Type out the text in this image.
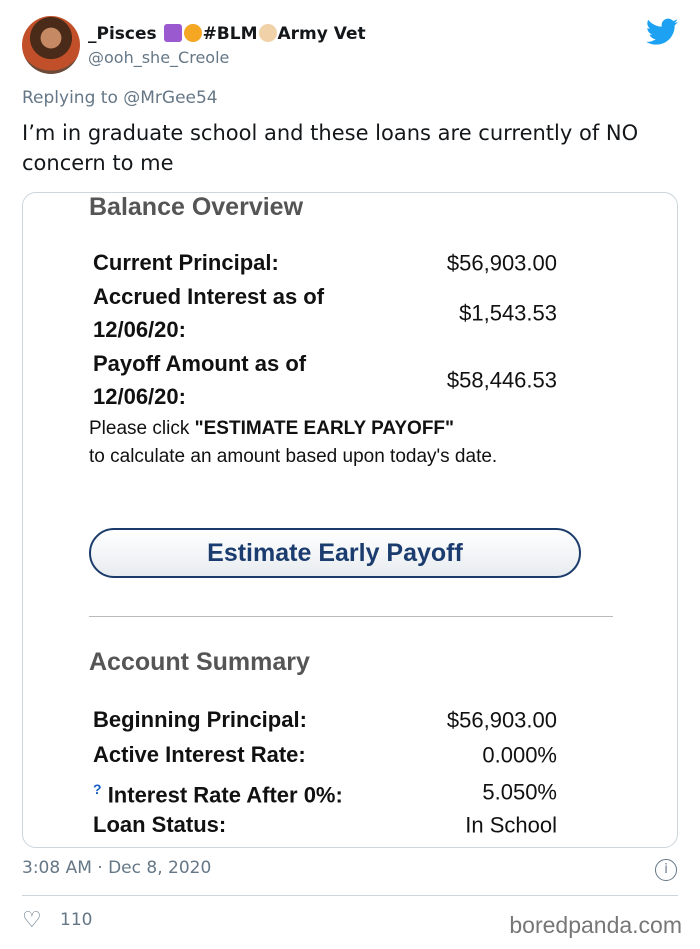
_Pisces	#BLM Army Vet
@ooh_she_Creole
Replying to @MrGee54
I’m in graduate school and these loans are currently of NO concern to me
Balance Overview
Current Principal:	$56,903.00
Accrued Interest as of 12/06/20:
$1,543.53
Payoff Amount as of 12/06/20:
$58,446.53
Please click "ESTIMATE EARLY PAYOFF"
to calculate an amount based upon today's date.
Estimate Early Payoff
Account Summary
Beginning Principal:	$56,903.00
Active Interest Rate:	0.000%
? Interest Rate After 0%:	5.050%
Loan Status:	In School
3:08 AM · Dec 8, 2020	i
♡ 110	boredpanda.com
